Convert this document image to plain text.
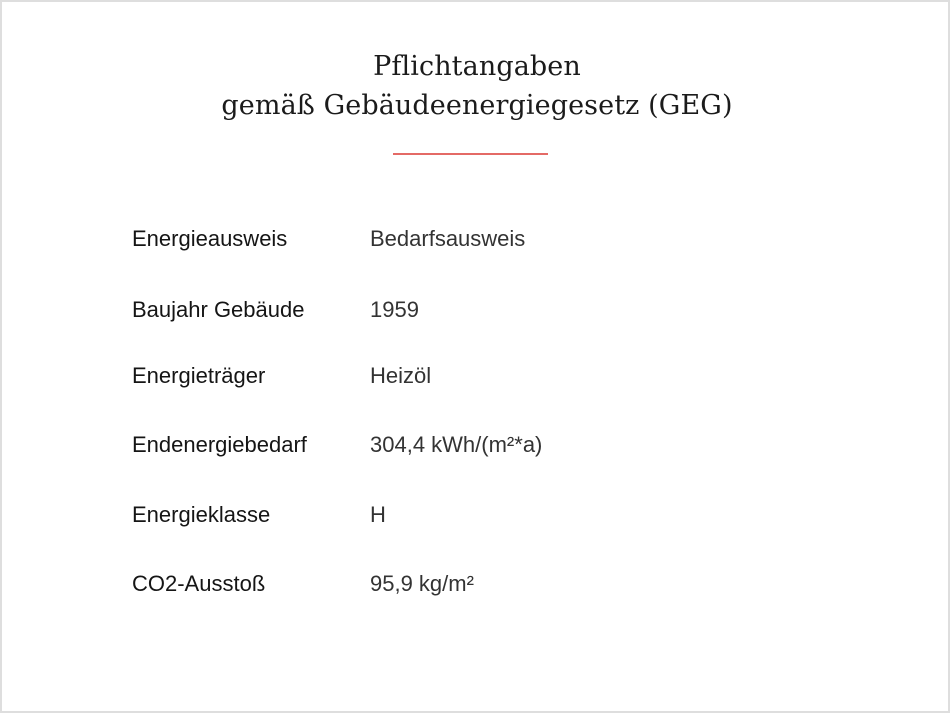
Pflichtangaben
gemäß Gebäudeenergiegesetz (GEG)
Energieausweis	Bedarfsausweis
Baujahr Gebäude	1959
Energieträger	Heizöl
Endenergiebedarf	304,4 kWh/(m²*a)
Energieklasse	H
CO2-Ausstoß	95,9 kg/m²
